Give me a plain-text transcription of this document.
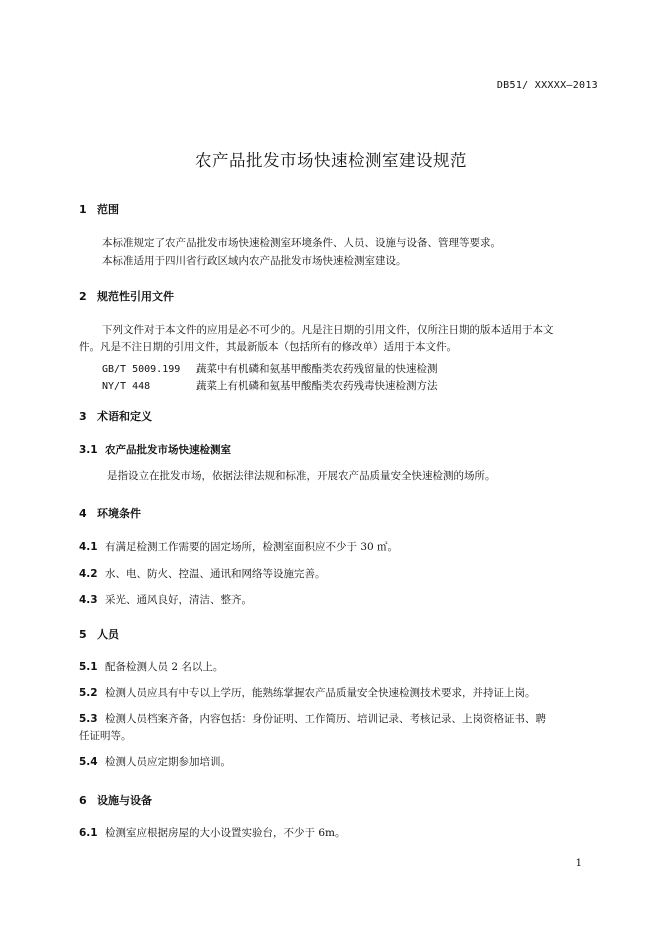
DB51/ XXXXX—2013
农产品批发市场快速检测室建设规范
1 范围
本标准规定了农产品批发市场快速检测室环境条件、人员、设施与设备、管理等要求。
本标准适用于四川省行政区域内农产品批发市场快速检测室建设。
2 规范性引用文件
下列文件对于本文件的应用是必不可少的。凡是注日期的引用文件，仅所注日期的版本适用于本文
件。凡是不注日期的引用文件，其最新版本（包括所有的修改单）适用于本文件。
GB/T 5009.199 蔬菜中有机磷和氨基甲酸酯类农药残留量的快速检测
NY/T 448	蔬菜上有机磷和氨基甲酸酯类农药残毒快速检测方法
3 术语和定义
3.1 农产品批发市场快速检测室
是指设立在批发市场，依据法律法规和标准，开展农产品质量安全快速检测的场所。
4 环境条件
4.1 有满足检测工作需要的固定场所，检测室面积应不少于 30 ㎡。
4.2 水、电、防火、控温、通讯和网络等设施完善。
4.3 采光、通风良好，清洁、整齐。
5 人员
5.1 配备检测人员 2 名以上。
5.2 检测人员应具有中专以上学历，能熟练掌握农产品质量安全快速检测技术要求，并持证上岗。
5.3 检测人员档案齐备，内容包括：身份证明、工作简历、培训记录、考核记录、上岗资格证书、聘
任证明等。
5.4 检测人员应定期参加培训。
6 设施与设备
6.1 检测室应根据房屋的大小设置实验台，不少于 6m。
1
